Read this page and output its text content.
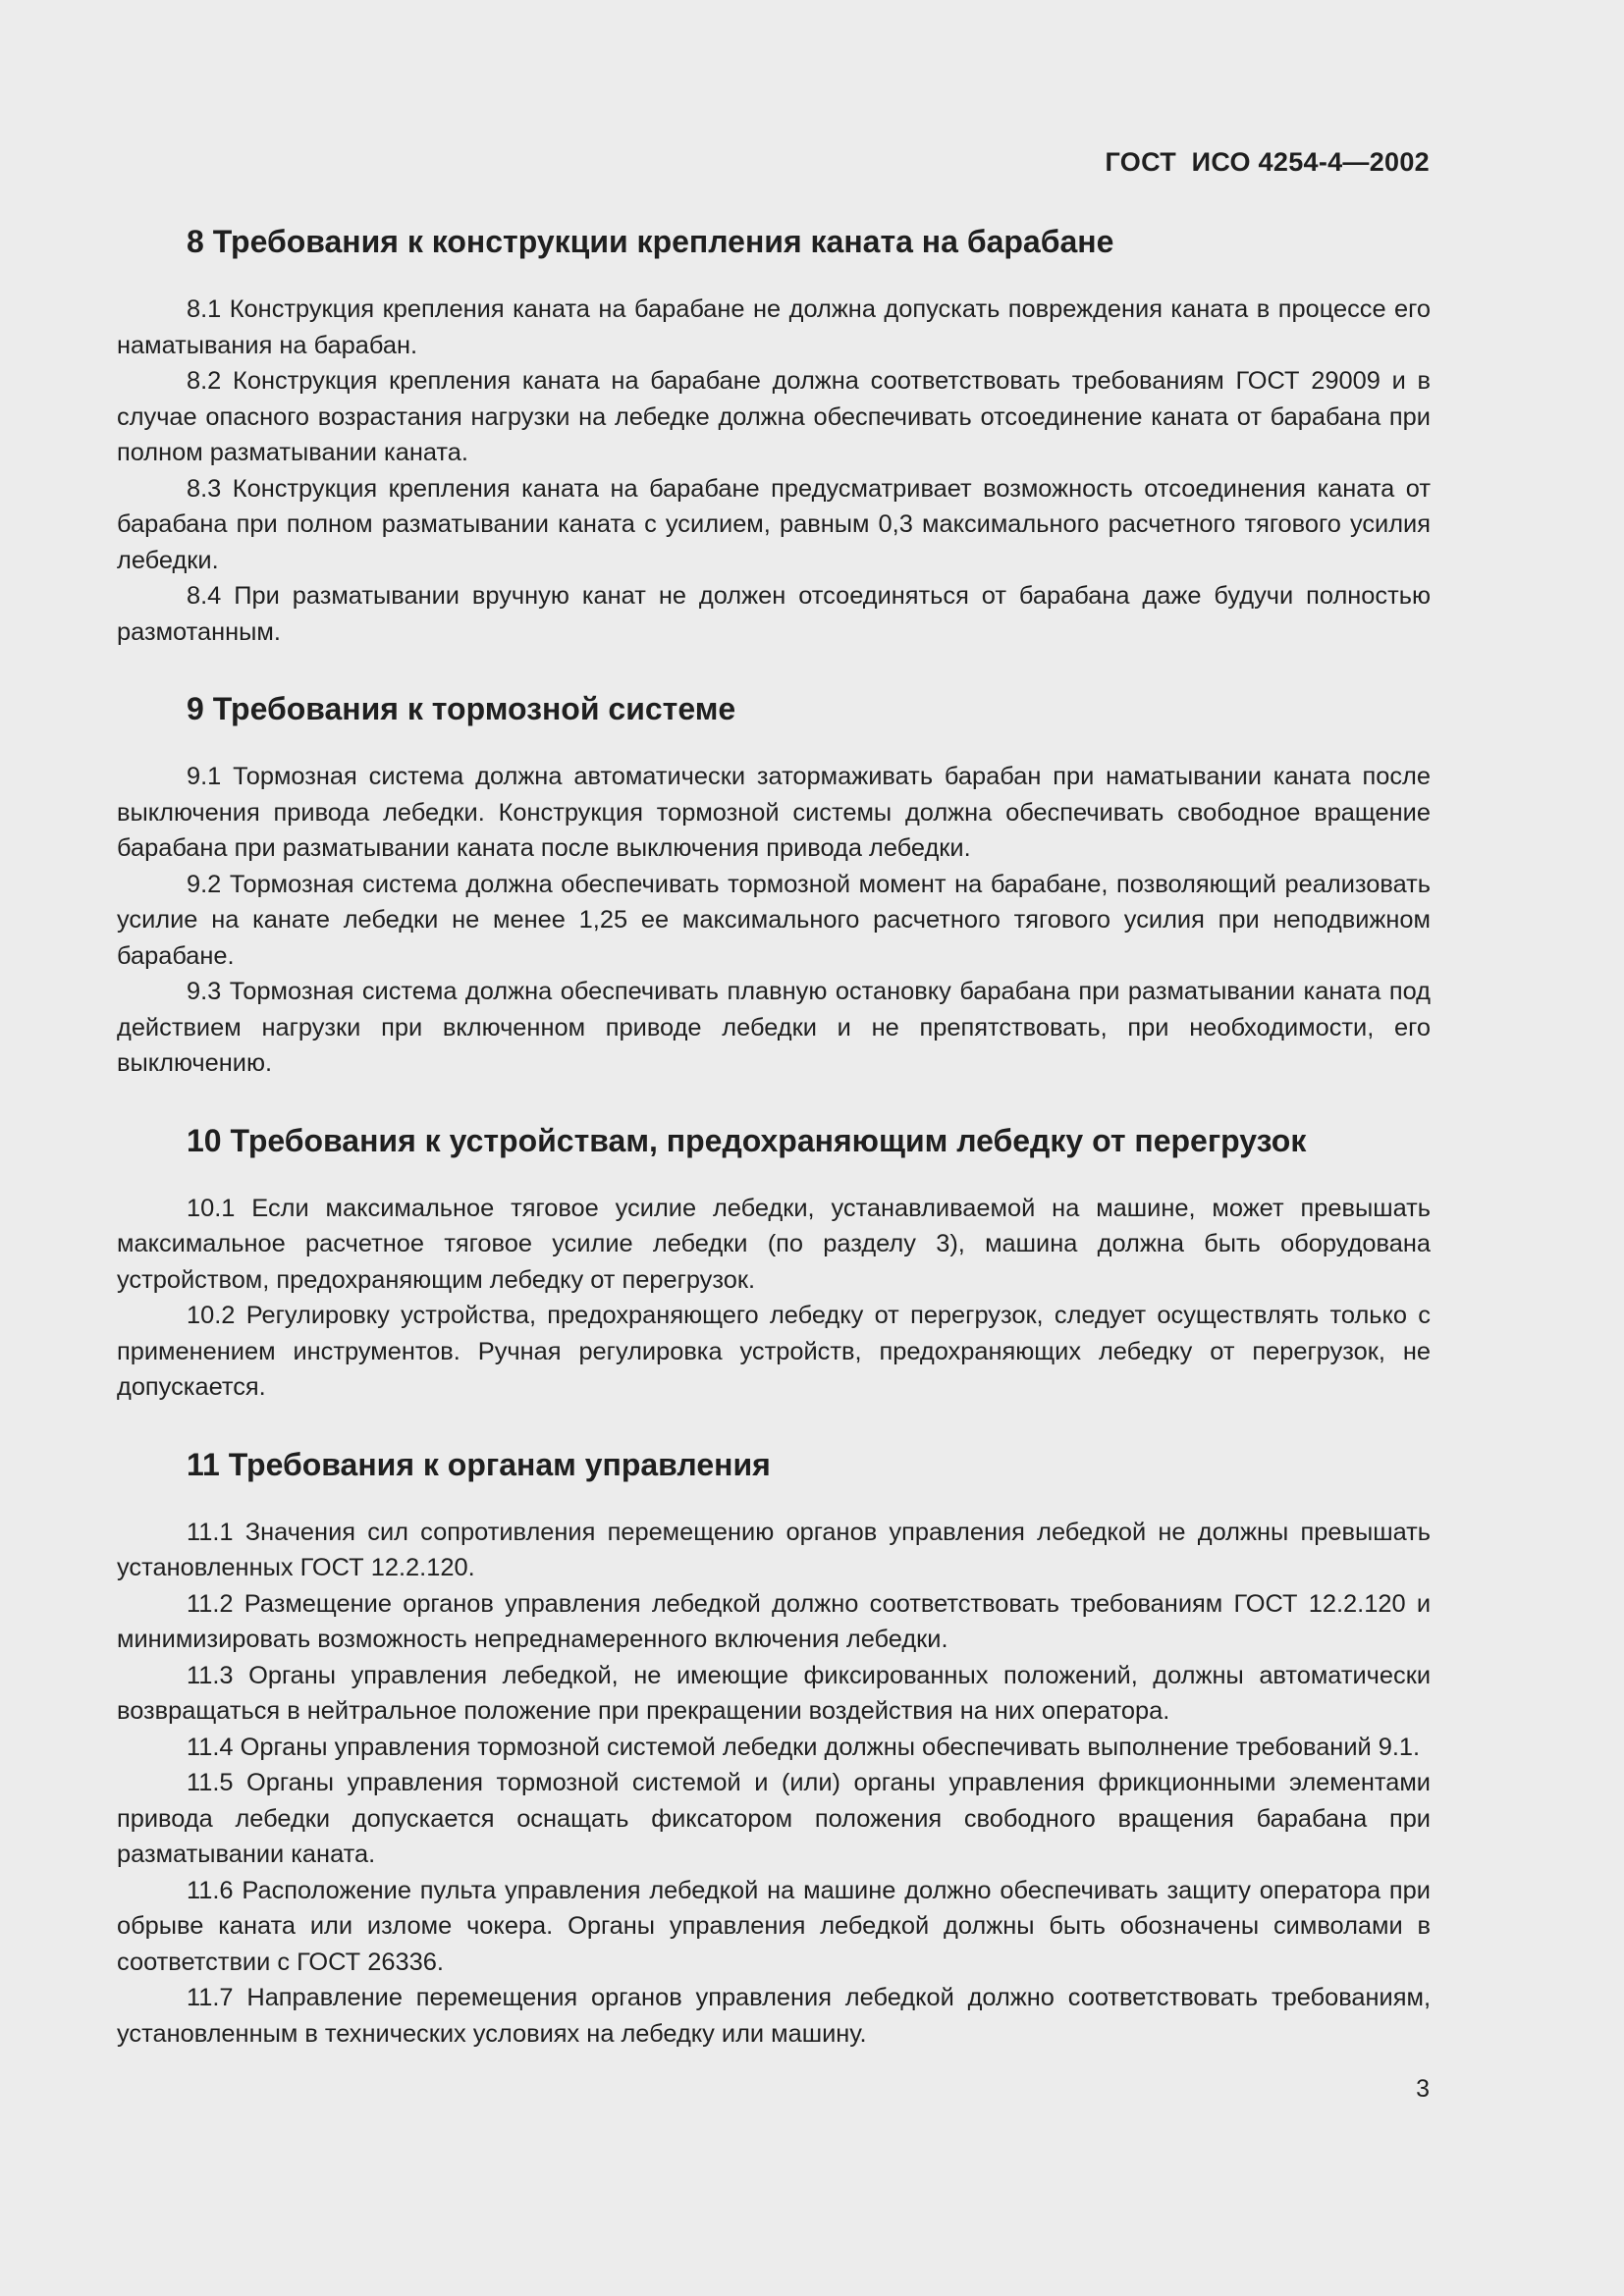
ГОСТ  ИСО 4254-4—2002
8 Требования к конструкции крепления каната на барабане

8.1 Конструкция крепления каната на барабане не должна допускать повреждения каната в процессе его наматывания на барабан.

8.2 Конструкция крепления каната на барабане должна соответствовать требованиям ГОСТ 29009 и в случае опасного возрастания нагрузки на лебедке должна обеспечивать отсоединение каната от барабана при полном разматывании каната.

8.3 Конструкция крепления каната на барабане предусматривает возможность отсоединения каната от барабана при полном разматывании каната с усилием, равным 0,3 максимального расчетного тягового усилия лебедки.

8.4 При разматывании вручную канат не должен отсоединяться от барабана даже будучи полностью размотанным.

9 Требования к тормозной системе

9.1 Тормозная система должна автоматически затормаживать барабан при наматывании каната после выключения привода лебедки. Конструкция тормозной системы должна обеспечивать свободное вращение барабана при разматывании каната после выключения привода лебедки.

9.2 Тормозная система должна обеспечивать тормозной момент на барабане, позволяющий реализовать усилие на канате лебедки не менее 1,25 ее максимального расчетного тягового усилия при неподвижном барабане.

9.3 Тормозная система должна обеспечивать плавную остановку барабана при разматывании каната под действием нагрузки при включенном приводе лебедки и не препятствовать, при необходимости, его выключению.

10 Требования к устройствам, предохраняющим лебедку от перегрузок

10.1 Если максимальное тяговое усилие лебедки, устанавливаемой на машине, может превышать максимальное расчетное тяговое усилие лебедки (по разделу 3), машина должна быть оборудована устройством, предохраняющим лебедку от перегрузок.

10.2 Регулировку устройства, предохраняющего лебедку от перегрузок, следует осуществлять только с применением инструментов. Ручная регулировка устройств, предохраняющих лебедку от перегрузок, не допускается.

11 Требования к органам управления

11.1 Значения сил сопротивления перемещению органов управления лебедкой не должны превышать установленных ГОСТ 12.2.120.

11.2 Размещение органов управления лебедкой должно соответствовать требованиям ГОСТ 12.2.120 и минимизировать возможность непреднамеренного включения лебедки.

11.3 Органы управления лебедкой, не имеющие фиксированных положений, должны автоматически возвращаться в нейтральное положение при прекращении воздействия на них оператора.

11.4 Органы управления тормозной системой лебедки должны обеспечивать выполнение требований 9.1.

11.5 Органы управления тормозной системой и (или) органы управления фрикционными элементами привода лебедки допускается оснащать фиксатором положения свободного вращения барабана при разматывании каната.

11.6 Расположение пульта управления лебедкой на машине должно обеспечивать защиту оператора при обрыве каната или изломе чокера. Органы управления лебедкой должны быть обозначены символами в соответствии с ГОСТ 26336.

11.7 Направление перемещения органов управления лебедкой должно соответствовать требованиям, установленным в технических условиях на лебедку или машину.

3
